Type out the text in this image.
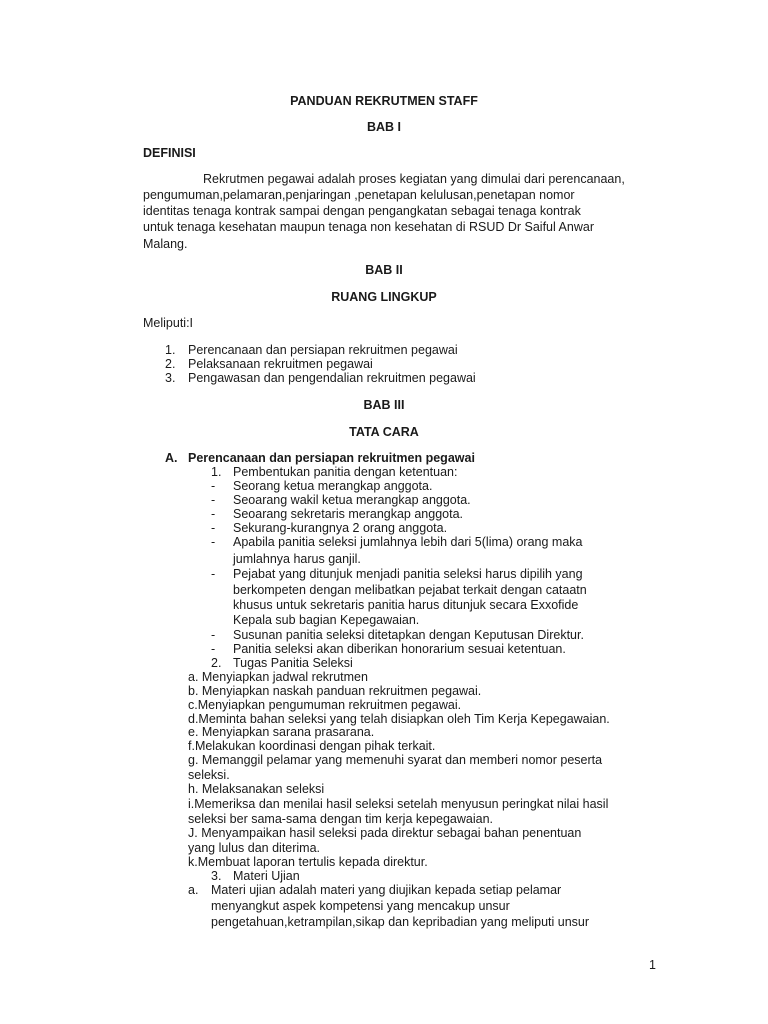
PANDUAN REKRUTMEN STAFF
BAB I
DEFINISI
Rekrutmen pegawai adalah proses kegiatan yang dimulai dari perencanaan,
pengumuman,pelamaran,penjaringan ,penetapan kelulusan,penetapan nomor
identitas tenaga kontrak sampai dengan pengangkatan sebagai tenaga kontrak
untuk tenaga kesehatan maupun tenaga non kesehatan di RSUD Dr Saiful Anwar
Malang.
BAB II
RUANG LINGKUP
Meliputi:I
1. Perencanaan dan persiapan rekruitmen pegawai
2. Pelaksanaan rekruitmen pegawai
3. Pengawasan dan pengendalian rekruitmen pegawai
BAB III
TATA CARA
A. Perencanaan dan persiapan rekruitmen pegawai
1. Pembentukan panitia dengan ketentuan:
- Seorang ketua merangkap anggota.
- Seoarang wakil ketua merangkap anggota.
- Seoarang sekretaris merangkap anggota.
- Sekurang-kurangnya 2 orang anggota.
- Apabila panitia seleksi jumlahnya lebih dari 5(lima) orang maka
jumlahnya harus ganjil.
- Pejabat yang ditunjuk menjadi panitia seleksi harus dipilih yang
berkompeten dengan melibatkan pejabat terkait dengan cataatn
khusus untuk sekretaris panitia harus ditunjuk secara Exxofide
Kepala sub bagian Kepegawaian.
- Susunan panitia seleksi ditetapkan dengan Keputusan Direktur.
- Panitia seleksi akan diberikan honorarium sesuai ketentuan.
2. Tugas Panitia Seleksi
a. Menyiapkan jadwal rekrutmen
b. Menyiapkan naskah panduan rekruitmen pegawai.
c.Menyiapkan pengumuman rekruitmen pegawai.
d.Meminta bahan seleksi yang telah disiapkan oleh Tim Kerja Kepegawaian.
e. Menyiapkan sarana prasarana.
f.Melakukan koordinasi dengan pihak terkait.
g. Memanggil pelamar yang memenuhi syarat dan memberi nomor peserta
seleksi.
h. Melaksanakan seleksi
i.Memeriksa dan menilai hasil seleksi setelah menyusun peringkat nilai hasil
seleksi ber sama-sama dengan tim kerja kepegawaian.
J. Menyampaikan hasil seleksi pada direktur sebagai bahan penentuan
yang lulus dan diterima.
k.Membuat laporan tertulis kepada direktur.
3. Materi Ujian
a. Materi ujian adalah materi yang diujikan kepada setiap pelamar
menyangkut aspek kompetensi yang mencakup unsur
pengetahuan,ketrampilan,sikap dan kepribadian yang meliputi unsur
1
